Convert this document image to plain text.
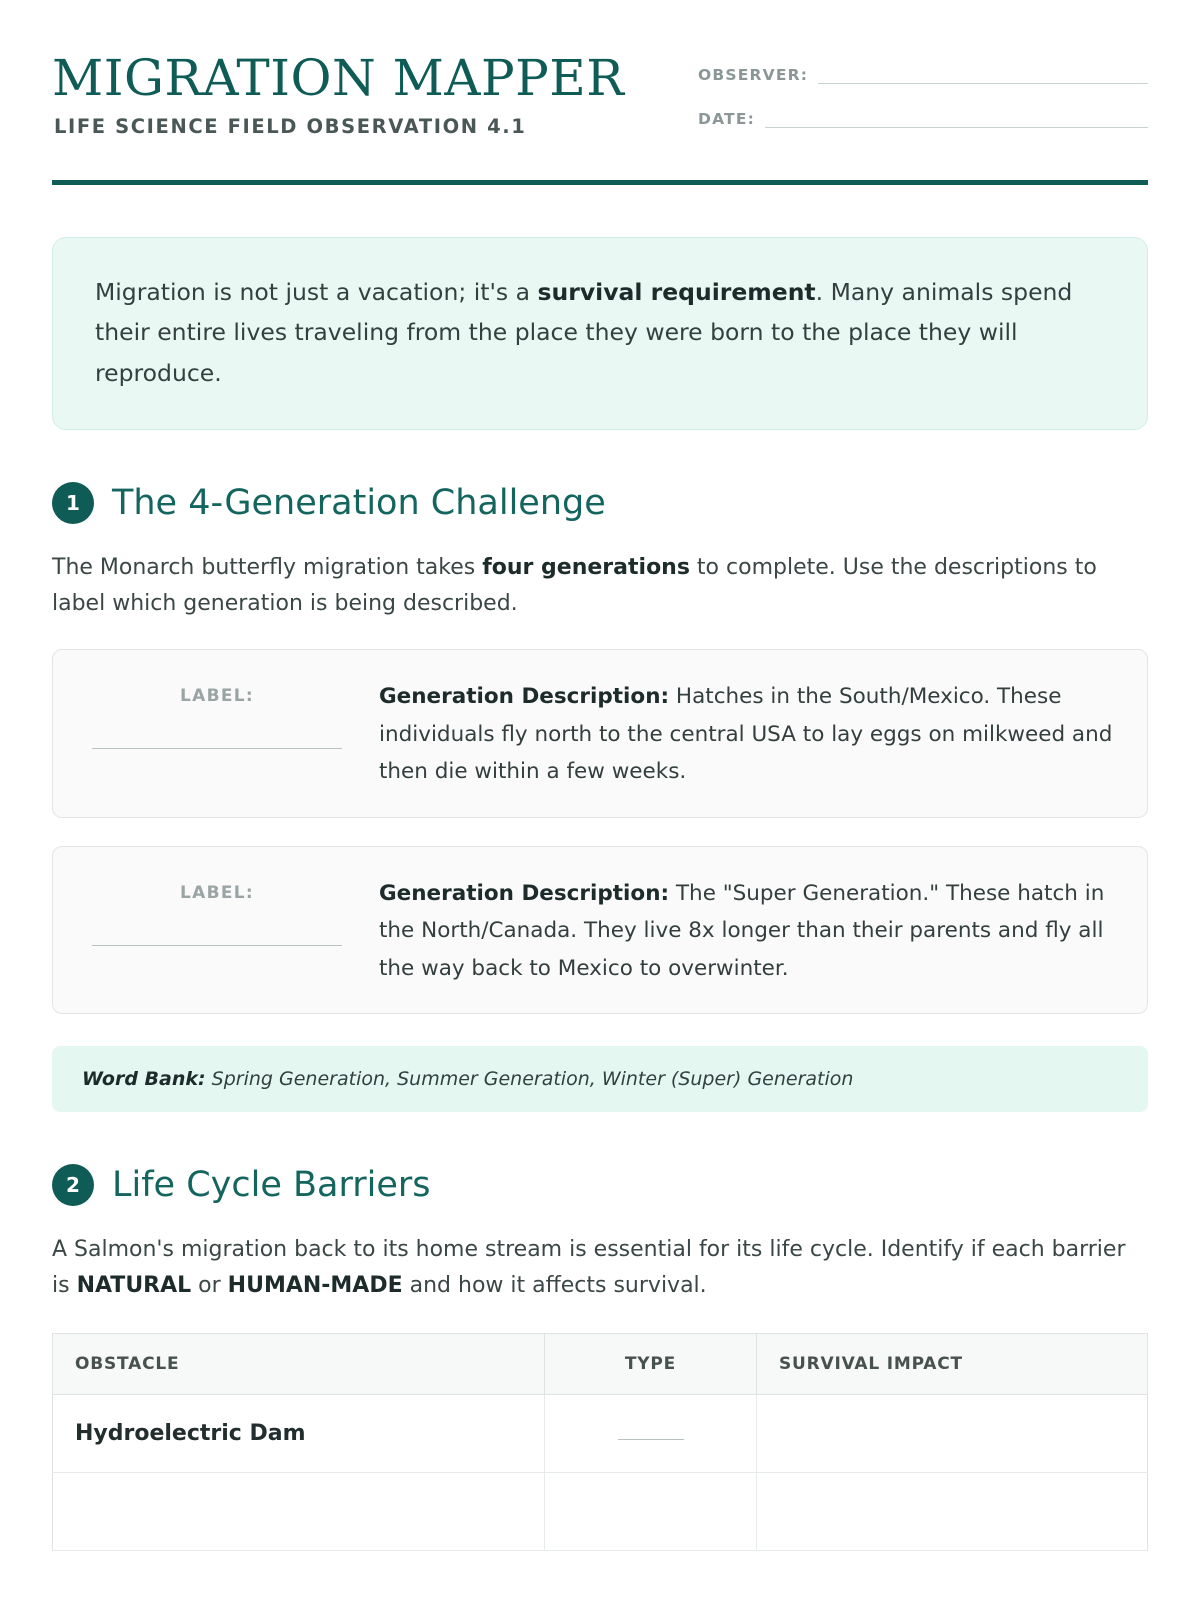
MIGRATION MAPPER
LIFE SCIENCE FIELD OBSERVATION 4.1
OBSERVER:
DATE:

Migration is not just a vacation; it's a survival requirement. Many animals spend their entire lives traveling from the place they were born to the place they will reproduce.

1 The 4-Generation Challenge

The Monarch butterfly migration takes four generations to complete. Use the descriptions to label which generation is being described.

LABEL:	Generation Description: Hatches in the South/Mexico. These individuals fly north to the central USA to lay eggs on milkweed and then die within a few weeks.
LABEL:	Generation Description: The "Super Generation." These hatch in the North/Canada. They live 8x longer than their parents and fly all the way back to Mexico to overwinter.
Word Bank: Spring Generation, Summer Generation, Winter (Super) Generation
2 Life Cycle Barriers

A Salmon's migration back to its home stream is essential for its life cycle. Identify if each barrier is NATURAL or HUMAN-MADE and how it affects survival.

OBSTACLE	TYPE	SURVIVAL IMPACT
Hydroelectric Dam		
